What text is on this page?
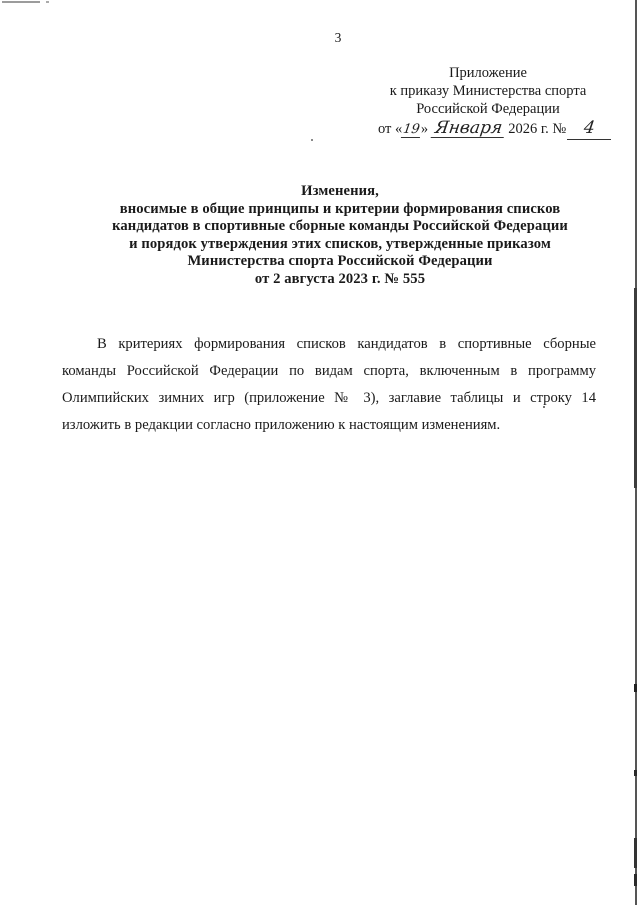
3
Приложение
к приказу Министерства спорта
Российской Федерации
от «19» Января 2026 г. № 4
Изменения,
вносимые в общие принципы и критерии формирования списков
кандидатов в спортивные сборные команды Российской Федерации
и порядок утверждения этих списков, утвержденные приказом
Министерства спорта Российской Федерации
от 2 августа 2023 г. № 555
В критериях формирования списков кандидатов в спортивные сборные
команды Российской Федерации по видам спорта, включенным в программу
Олимпийских зимних игр (приложение № 3), заглавие таблицы и строку 14
изложить в редакции согласно приложению к настоящим изменениям.
